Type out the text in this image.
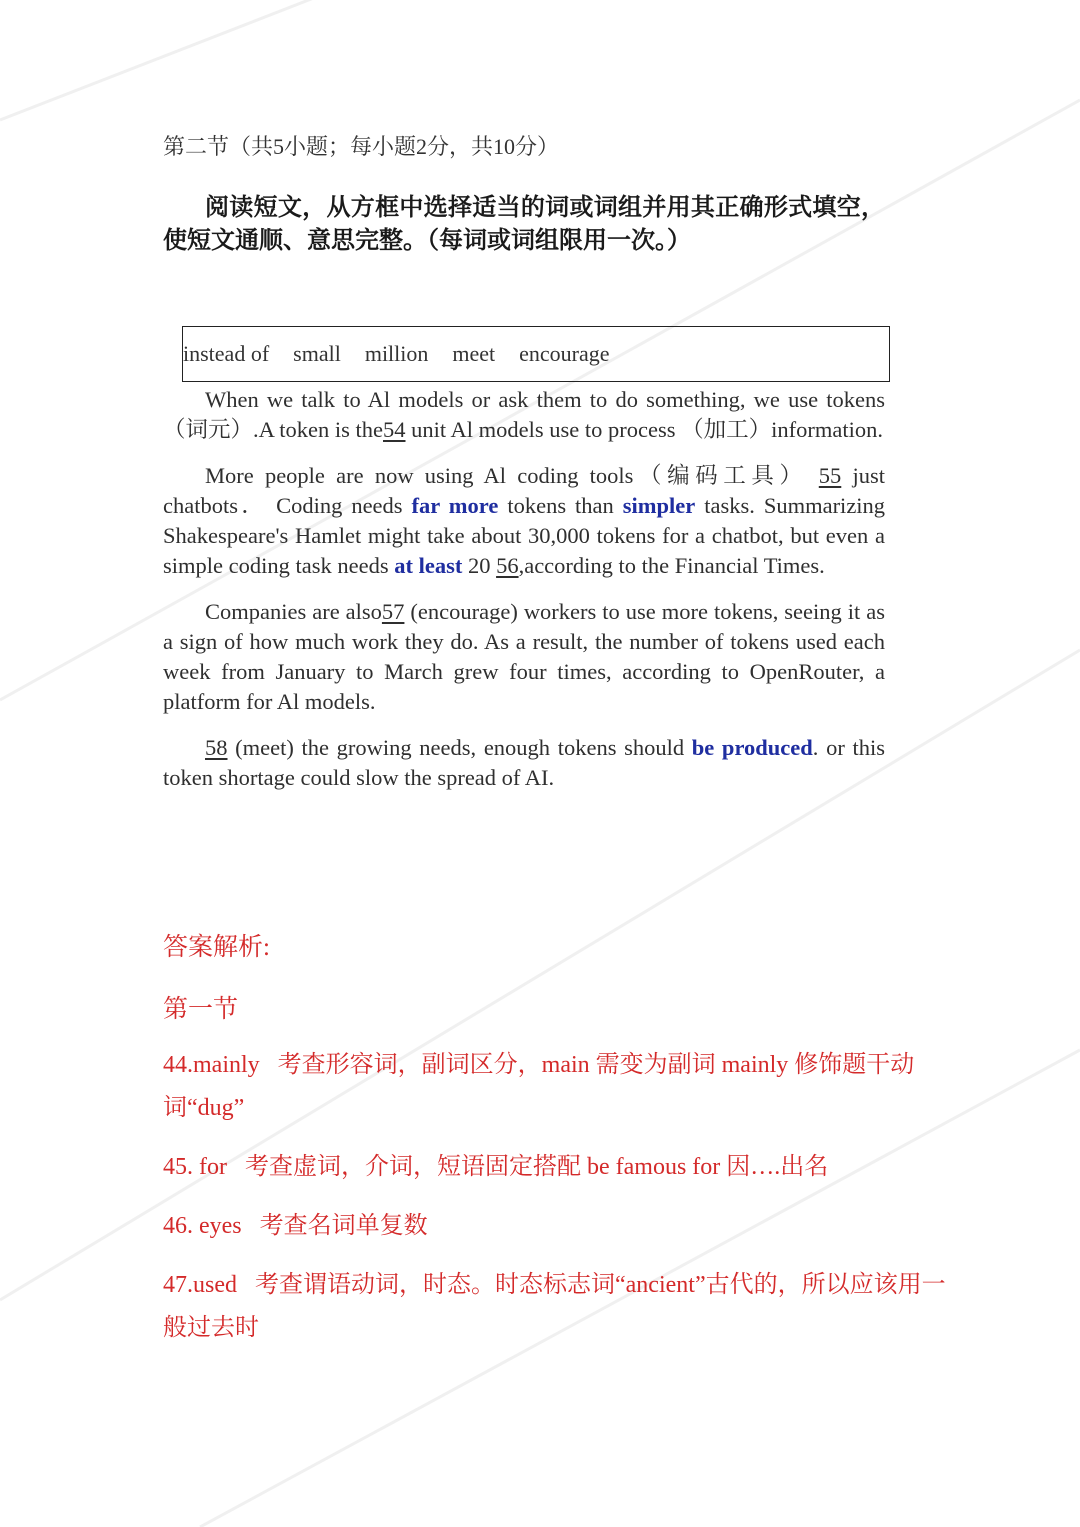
第二节（共5小题；每小题2分，共10分）

阅读短文，从方框中选择适当的词或词组并用其正确形式填空，使短文通顺、意思完整。（每词或词组限用一次。）

instead of small million meet encourage

When we talk to Al models or ask them to do something, we use tokens（词元）.A token is the54 unit Al models use to process （加工）information.

More people are now using Al coding tools（编码工具） 55 just chatbots． Coding needs far more tokens than simpler tasks. Summarizing Shakespeare's Hamlet might take about 30,000 tokens for a chatbot, but even a simple coding task needs at least 20 56,according to the Financial Times.

Companies are also57 (encourage) workers to use more tokens, seeing it as a sign of how much work they do. As a result, the number of tokens used each week from January to March grew four times, according to OpenRouter, a platform for Al models.

58 (meet) the growing needs, enough tokens should be produced. or this token shortage could slow the spread of AI.

答案解析:

第一节
44.mainly 考查形容词，副词区分，main 需变为副词 mainly 修饰题干动词“dug”
45. for 考查虚词，介词，短语固定搭配 be famous for 因….出名
46. eyes 考查名词单复数
47.used 考查谓语动词，时态。时态标志词“ancient”古代的，所以应该用一般过去时
